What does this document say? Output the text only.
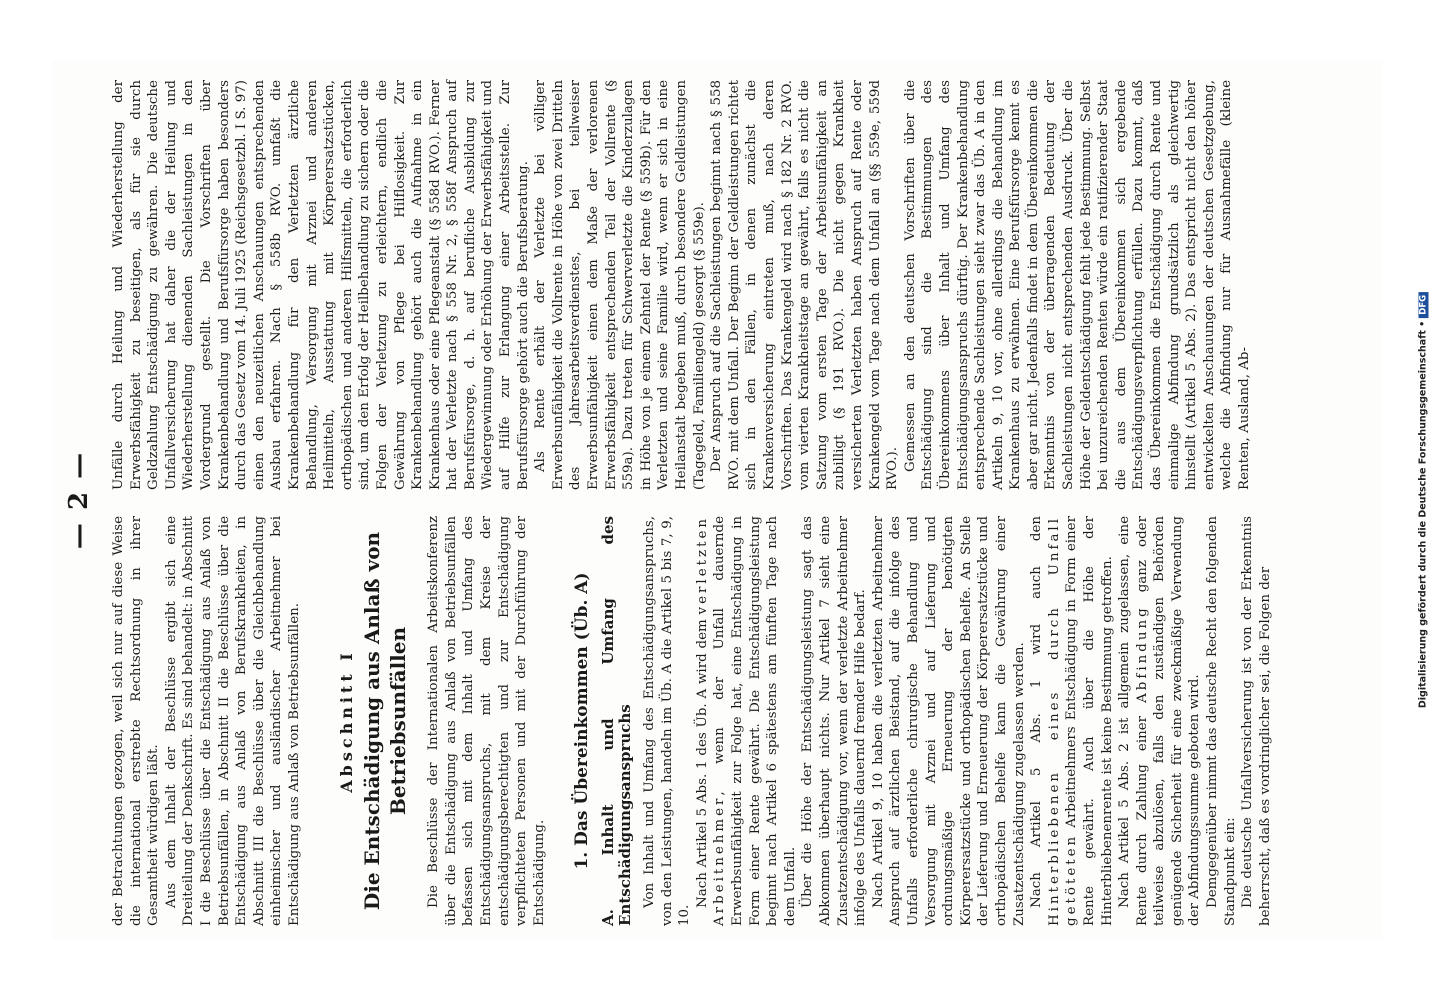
— 2 —

der Betrachtungen gezogen, weil sich nur auf diese Weise die international erstrebte Rechtsordnung in ihrer Gesamtheit würdigen läßt. Aus dem Inhalt der Beschlüsse ergibt sich eine Dreiteilung der Denkschrift. Es sind behandelt: in Abschnitt I die Beschlüsse über die Entschädigung aus Anlaß von Betriebsunfällen, in Abschnitt II die Beschlüsse über die Entschädigung aus Anlaß von Berufskrankheiten, in Abschnitt III die Beschlüsse über die Gleichbehandlung einheimischer und ausländischer Arbeitnehmer bei Entschädigung aus Anlaß von Betriebsunfällen. Abschnitt I Die Entschädigung aus Anlaß von Betriebsunfällen Die Beschlüsse der Internationalen Arbeitskonferenz über die Entschädigung aus Anlaß von Betriebsunfällen befassen sich mit dem Inhalt und Umfang des Entschädigungsanspruchs, mit dem Kreise der entschädigungsberechtigten und zur Entschädigung verpflichteten Personen und mit der Durchführung der Entschädigung.

1. Das Übereinkommen (Üb. A) A. Inhalt und Umfang des Entschädigungsanspruchs Von Inhalt und Umfang des Entschädigungsanspruchs, von den Leistungen, handeln im Üb. A die Artikel 5 bis 7, 9, 10.

Nach Artikel 5 Abs. 1 des Üb. A wird dem verletzten Arbeitnehmer, wenn der Unfall dauernde Erwerbsunfähigkeit zur Folge hat, eine Entschädigung in Form einer Rente gewährt. Die Entschädigungsleistung beginnt nach Artikel 6 spätestens am fünften Tage nach dem Unfall. Über die Höhe der Entschädigungsleistung sagt das Abkommen überhaupt nichts. Nur Artikel 7 sieht eine Zusatzentschädigung vor, wenn der verletzte Arbeitnehmer infolge des Unfalls dauernd fremder Hilfe bedarf. Nach Artikel 9, 10 haben die verletzten Arbeitnehmer Anspruch auf ärztlichen Beistand, auf die infolge des Unfalls erforderliche chirurgische Behandlung und Versorgung mit Arznei und auf Lieferung und ordnungsmäßige Erneuerung der benötigten Körperersatzstücke und orthopädischen Behelfe. An Stelle der Lieferung und Erneuerung der Körperersatzstücke und orthopädischen Behelfe kann die Gewährung einer Zusatzentschädigung zugelassen werden. Nach Artikel 5 Abs. 1 wird auch den Hinterbliebenen eines durch Unfall getöteten Arbeitnehmers Entschädigung in Form einer Rente gewährt. Auch über die Höhe der Hinterbliebenenrente ist keine Bestimmung getroffen. Nach Artikel 5 Abs. 2 ist allgemein zugelassen, eine Rente durch Zahlung einer Abfindung ganz oder teilweise abzulösen, falls den zuständigen Behörden genügende Sicherheit für eine zweckmäßige Verwendung der Abfindungssumme geboten wird. Demgegenüber nimmt das deutsche Recht den folgenden Standpunkt ein: Die deutsche Unfallversicherung ist von der Erkenntnis beherrscht, daß es vordringlicher sei, die Folgen der

Unfälle durch Heilung und Wiederherstellung der Erwerbsfähigkeit zu beseitigen, als für sie durch Geldzahlung Entschädigung zu gewähren. Die deutsche Unfallversicherung hat daher die der Heilung und Wiederherstellung dienenden Sachleistungen in den Vordergrund gestellt. Die Vorschriften über Krankenbehandlung und Berufsfürsorge haben besonders durch das Gesetz vom 14. Juli 1925 (Reichsgesetzbl. I S. 97) einen den neuzeitlichen Anschauungen entsprechenden Ausbau erfahren. Nach § 558b RVO. umfaßt die Krankenbehandlung für den Verletzten ärztliche Behandlung, Versorgung mit Arznei und anderen Heilmitteln, Ausstattung mit Körperersatzstücken, orthopädischen und anderen Hilfsmitteln, die erforderlich sind, um den Erfolg der Heilbehandlung zu sichern oder die Folgen der Verletzung zu erleichtern, endlich die Gewährung von Pflege bei Hilflosigkeit. Zur Krankenbehandlung gehört auch die Aufnahme in ein Krankenhaus oder eine Pflegeanstalt (§ 558d RVO.). Ferner hat der Verletzte nach § 558 Nr. 2, § 558f Anspruch auf Berufsfürsorge, d. h. auf berufliche Ausbildung zur Wiedergewinnung oder Erhöhung der Erwerbsfähigkeit und auf Hilfe zur Erlangung einer Arbeitsstelle. Zur Berufsfürsorge gehört auch die Berufsberatung. Als Rente erhält der Verletzte bei völliger Erwerbsunfähigkeit die Vollrente in Höhe von zwei Dritteln des Jahresarbeitsverdienstes, bei teilweiser Erwerbsunfähigkeit einen dem Maße der verlorenen Erwerbsfähigkeit entsprechenden Teil der Vollrente (§ 559a). Dazu treten für Schwerverletzte die Kinderzulagen in Höhe von je einem Zehntel der Rente (§ 559b). Für den Verletzten und seine Familie wird, wenn er sich in eine Heilanstalt begeben muß, durch besondere Geldleistungen (Tagegeld, Familiengeld) gesorgt (§ 559e). Der Anspruch auf die Sachleistungen beginnt nach § 558 RVO. mit dem Unfall. Der Beginn der Geldleistungen richtet sich in den Fällen, in denen zunächst die Krankenversicherung eintreten muß, nach deren Vorschriften. Das Krankengeld wird nach § 182 Nr. 2 RVO. vom vierten Krankheitstage an gewährt, falls es nicht die Satzung vom ersten Tage der Arbeitsunfähigkeit an zubilligt (§ 191 RVO.). Die nicht gegen Krankheit versicherten Verletzten haben Anspruch auf Rente oder Krankengeld vom Tage nach dem Unfall an (§§ 559e, 559d RVO.). Gemessen an den deutschen Vorschriften über die Entschädigung sind die Bestimmungen des Übereinkommens über Inhalt und Umfang des Entschädigungsanspruchs dürftig. Der Krankenbehandlung entsprechende Sachleistungen sieht zwar das Üb. A in den Artikeln 9, 10 vor, ohne allerdings die Behandlung im Krankenhaus zu erwähnen. Eine Berufsfürsorge kennt es aber gar nicht. Jedenfalls findet in dem Übereinkommen die Erkenntnis von der überragenden Bedeutung der Sachleistungen nicht entsprechenden Ausdruck. Über die Höhe der Geldentschädigung fehlt jede Bestimmung. Selbst bei unzureichenden Renten würde ein ratifizierender Staat die aus dem Übereinkommen sich ergebende Entschädigungsverpflichtung erfüllen. Dazu kommt, daß das Übereinkommen die Entschädigung durch Rente und einmalige Abfindung grundsätzlich als gleichwertig hinstellt (Artikel 5 Abs. 2). Das entspricht nicht den höher entwickelten Anschauungen der deutschen Gesetzgebung, welche die Abfindung nur für Ausnahmefälle (kleine Renten, Ausland, Ab-	Digitalisierung gefördert durch die Deutsche Forschungsgemeinschaft •DFG
